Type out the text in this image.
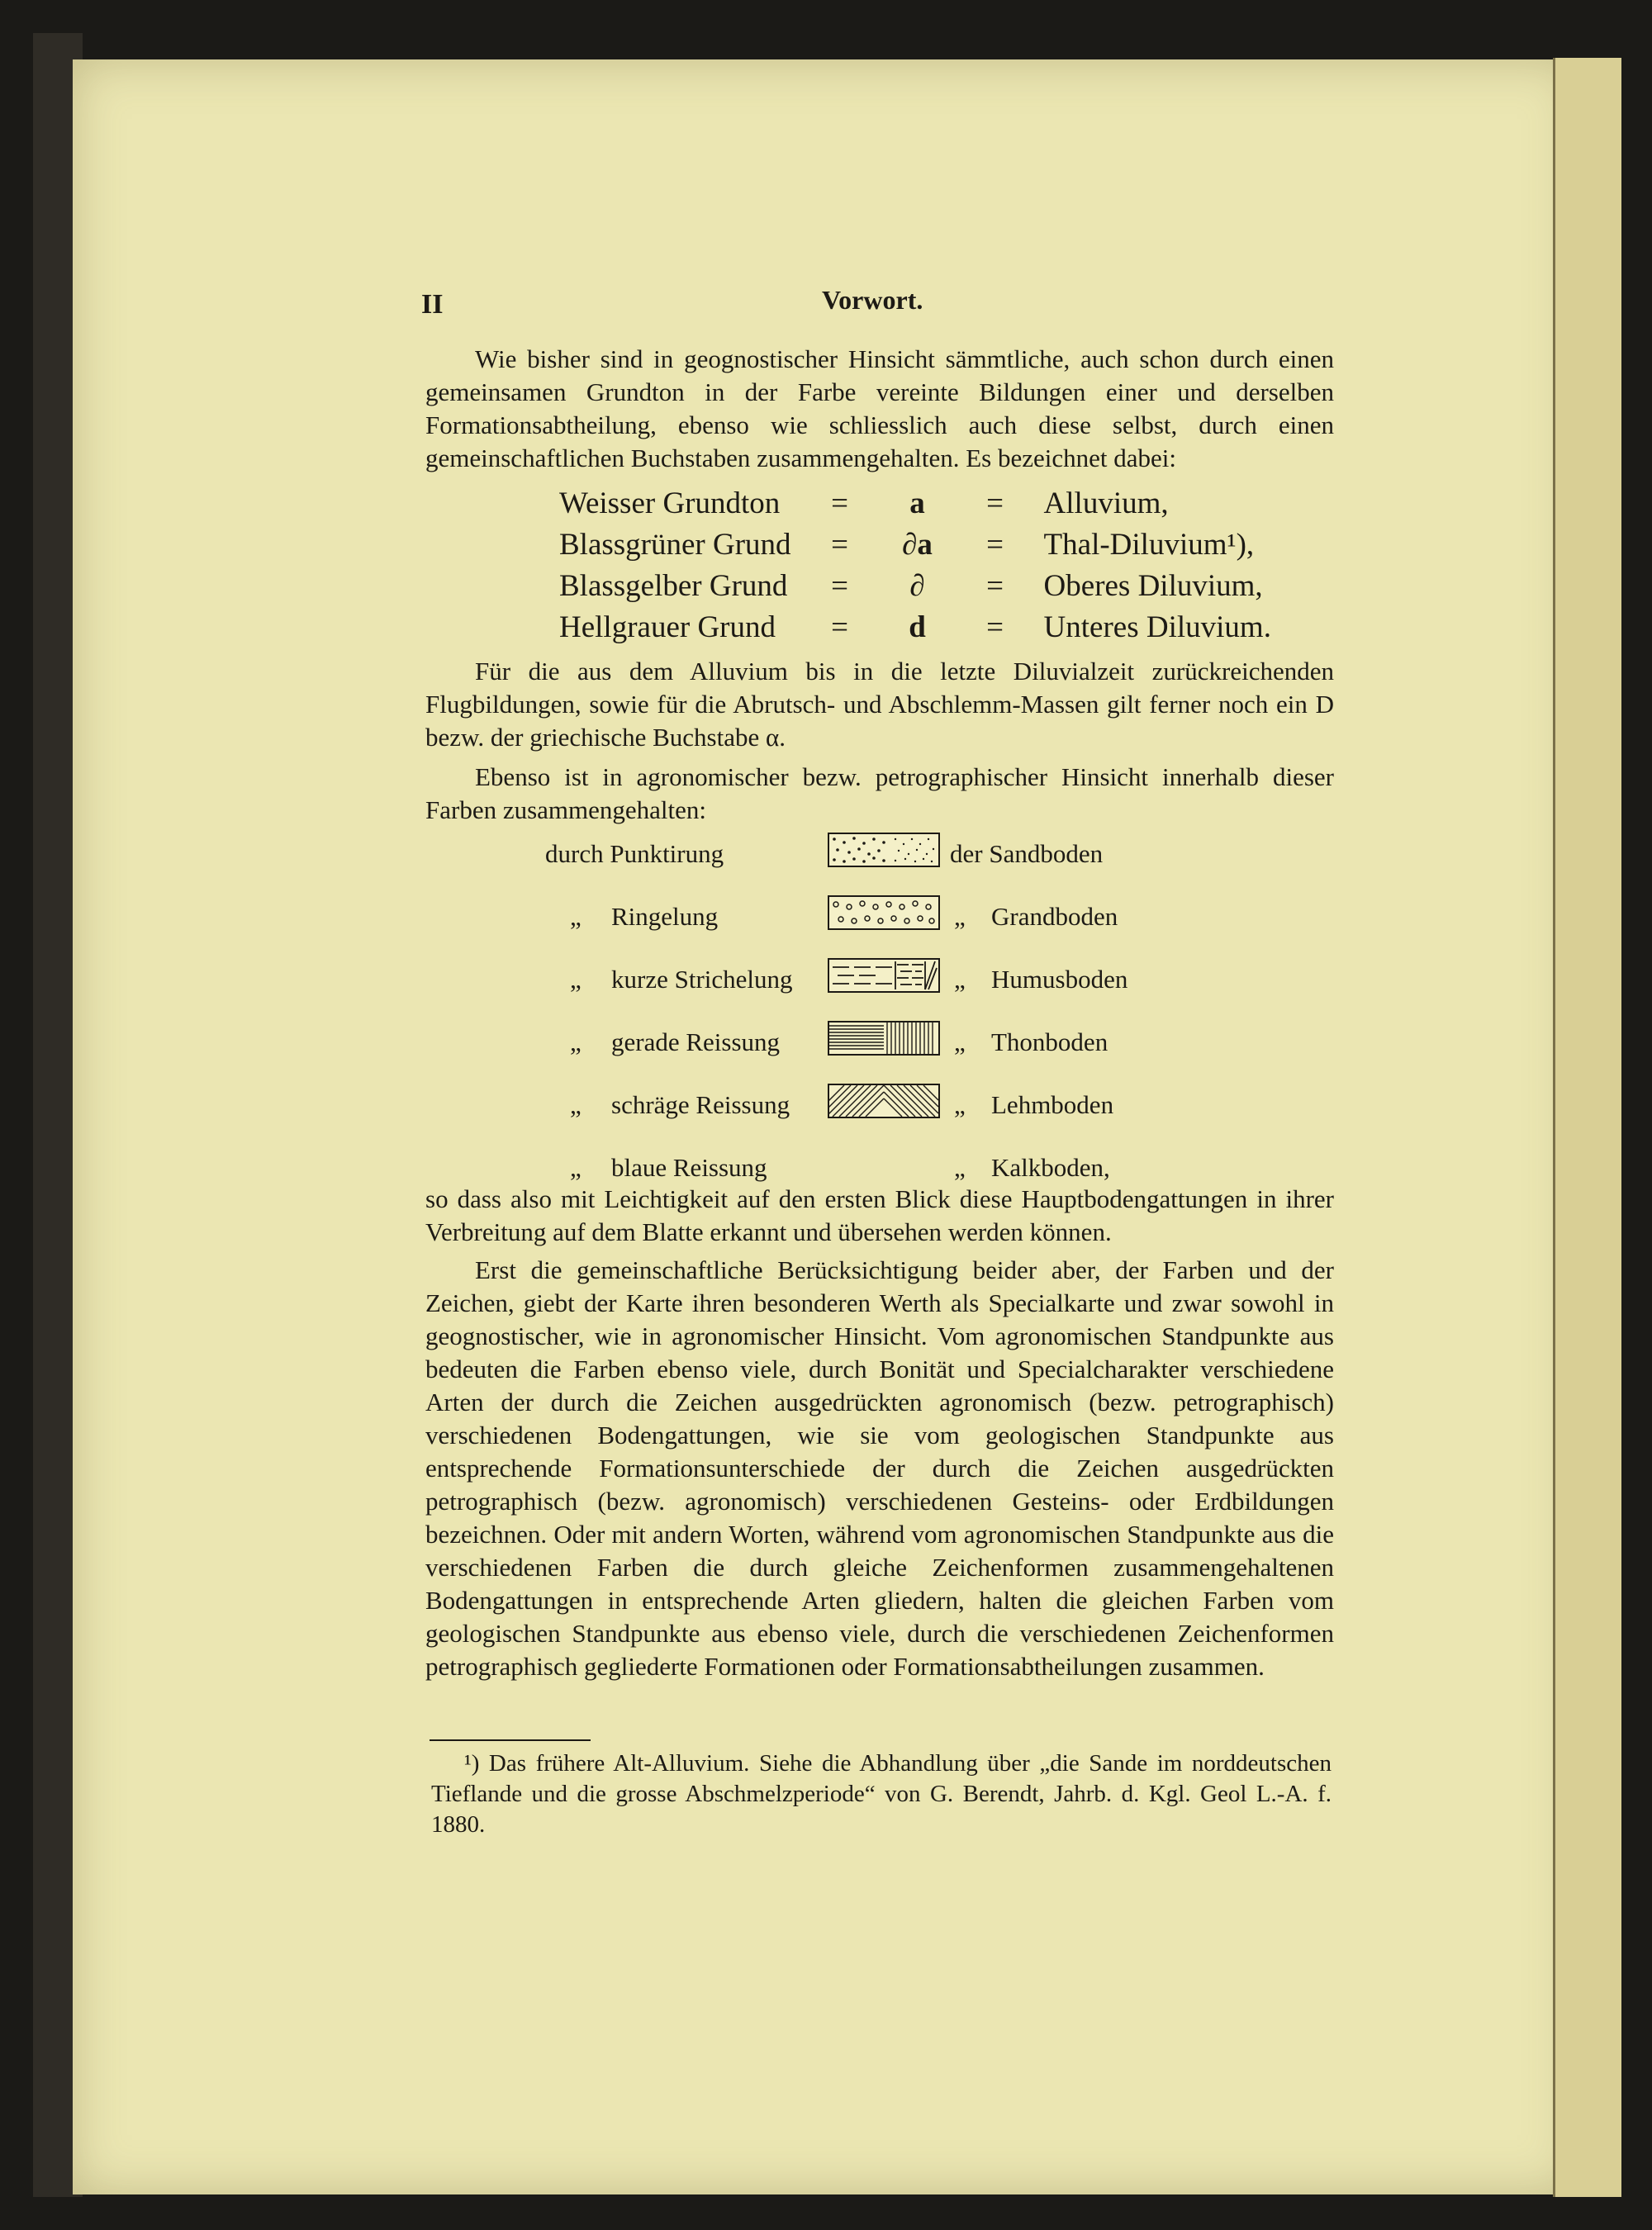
II	Vorwort.
Wie bisher sind in geognostischer Hinsicht sämmtliche, auch schon durch einen gemeinsamen Grundton in der Farbe vereinte Bildungen einer und derselben Formationsabtheilung, ebenso wie schliesslich auch diese selbst, durch einen gemeinschaftlichen Buchstaben zusammengehalten. Es bezeichnet dabei:
Weisser Grundton	=	a	=	Alluvium,
Blassgrüner Grund	=	∂a	=	Thal-Diluvium¹),
Blassgelber Grund	=	∂	=	Oberes Diluvium,
Hellgrauer Grund	=	d	=	Unteres Diluvium.
Für die aus dem Alluvium bis in die letzte Diluvialzeit zurückreichenden Flugbildungen, sowie für die Abrutsch- und Abschlemm-Massen gilt ferner noch ein D bezw. der griechische Buchstabe α.
Ebenso ist in agronomischer bezw. petrographischer Hinsicht innerhalb dieser Farben zusammengehalten:
durch Punktirung	der Sandboden
„	Ringelung	„	Grandboden
„	kurze Strichelung	„	Humusboden
„	gerade Reissung	„	Thonboden
„	schräge Reissung	„	Lehmboden
„	blaue Reissung	„	Kalkboden,
so dass also mit Leichtigkeit auf den ersten Blick diese Hauptbodengattungen in ihrer Verbreitung auf dem Blatte erkannt und übersehen werden können.
Erst die gemeinschaftliche Berücksichtigung beider aber, der Farben und der Zeichen, giebt der Karte ihren besonderen Werth als Specialkarte und zwar sowohl in geognostischer, wie in agronomischer Hinsicht. Vom agronomischen Standpunkte aus bedeuten die Farben ebenso viele, durch Bonität und Specialcharakter verschiedene Arten der durch die Zeichen ausgedrückten agronomisch (bezw. petrographisch) verschiedenen Bodengattungen, wie sie vom geologischen Standpunkte aus entsprechende Formationsunterschiede der durch die Zeichen ausgedrückten petrographisch (bezw. agronomisch) verschiedenen Gesteins- oder Erdbildungen bezeichnen. Oder mit andern Worten, während vom agronomischen Standpunkte aus die verschiedenen Farben die durch gleiche Zeichenformen zusammengehaltenen Bodengattungen in entsprechende Arten gliedern, halten die gleichen Farben vom geologischen Standpunkte aus ebenso viele, durch die verschiedenen Zeichenformen petrographisch gegliederte Formationen oder Formationsabtheilungen zusammen.
¹) Das frühere Alt-Alluvium. Siehe die Abhandlung über „die Sande im norddeutschen Tieflande und die grosse Abschmelzperiode“ von G. Berendt, Jahrb. d. Kgl. Geol L.-A. f. 1880.
